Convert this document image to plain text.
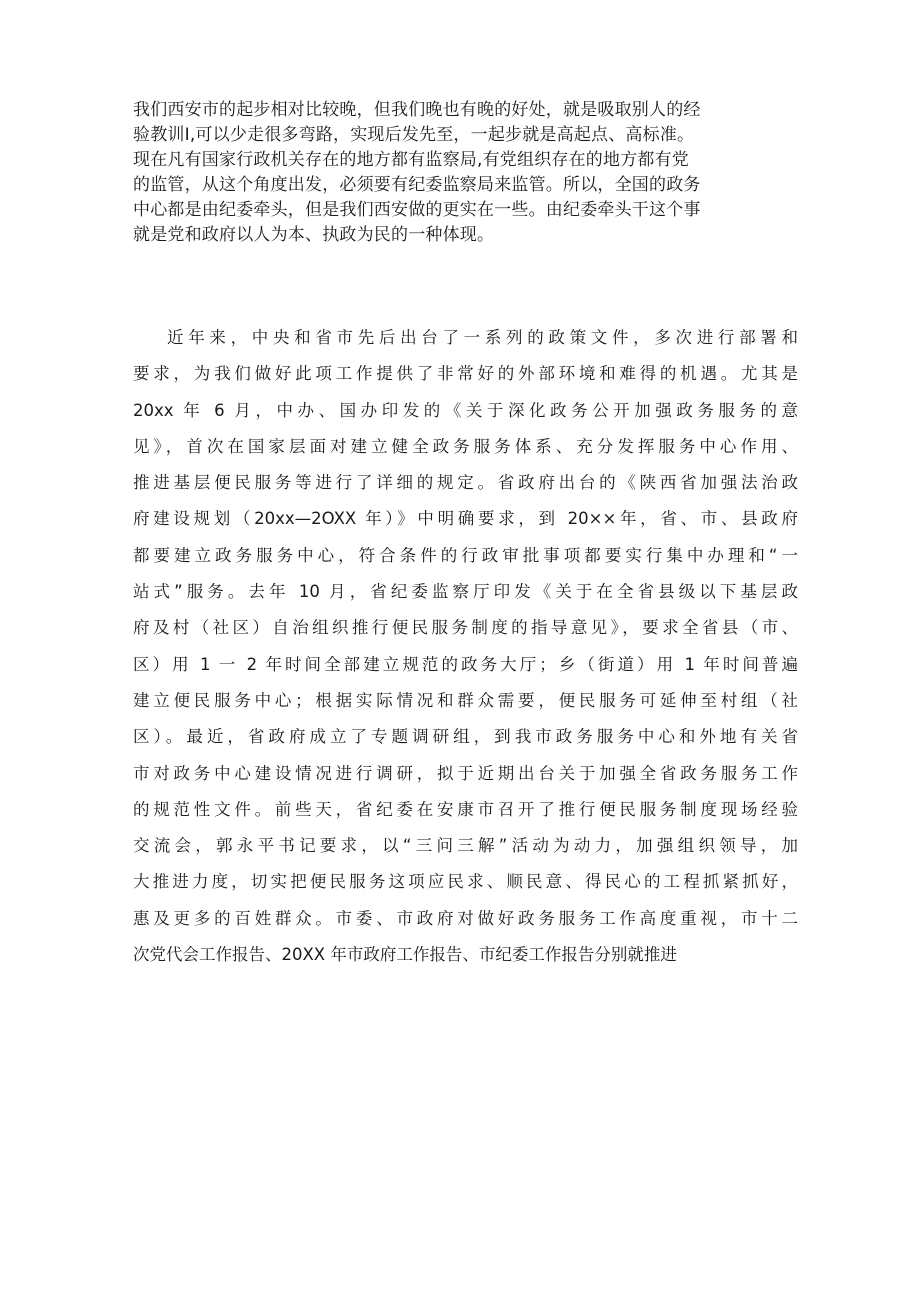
我们西安市的起步相对比较晚，但我们晚也有晚的好处，就是吸取别人的经
验教训I,可以少走很多弯路，实现后发先至，一起步就是高起点、高标准。
现在凡有国家行政机关存在的地方都有监察局,有党组织存在的地方都有党
的监管，从这个角度出发，必须要有纪委监察局来监管。所以，全国的政务
中心都是由纪委牵头，但是我们西安做的更实在一些。由纪委牵头干这个事
就是党和政府以人为本、执政为民的一种体现。

近年来，中央和省市先后出台了一系列的政策文件，多次进行部署和
要求，为我们做好此项工作提供了非常好的外部环境和难得的机遇。尤其是
20xx 年 6 月，中办、国办印发的《关于深化政务公开加强政务服务的意
见》，首次在国家层面对建立健全政务服务体系、充分发挥服务中心作用、
推进基层便民服务等进行了详细的规定。省政府出台的《陕西省加强法治政
府建设规划（20xx—2OXX 年）》中明确要求，到 20××年，省、市、县政府
都要建立政务服务中心，符合条件的行政审批事项都要实行集中办理和“一
站式”服务。去年 10 月，省纪委监察厅印发《关于在全省县级以下基层政
府及村（社区）自治组织推行便民服务制度的指导意见》，要求全省县（市、
区）用 1 一 2 年时间全部建立规范的政务大厅；乡（街道）用 1 年时间普遍
建立便民服务中心；根据实际情况和群众需要，便民服务可延伸至村组（社
区）。最近，省政府成立了专题调研组，到我市政务服务中心和外地有关省
市对政务中心建设情况进行调研，拟于近期出台关于加强全省政务服务工作
的规范性文件。前些天，省纪委在安康市召开了推行便民服务制度现场经验
交流会，郭永平书记要求，以“三问三解”活动为动力，加强组织领导，加
大推进力度，切实把便民服务这项应民求、顺民意、得民心的工程抓紧抓好，
惠及更多的百姓群众。市委、市政府对做好政务服务工作高度重视，市十二
次党代会工作报告、20XX 年市政府工作报告、市纪委工作报告分别就推进
